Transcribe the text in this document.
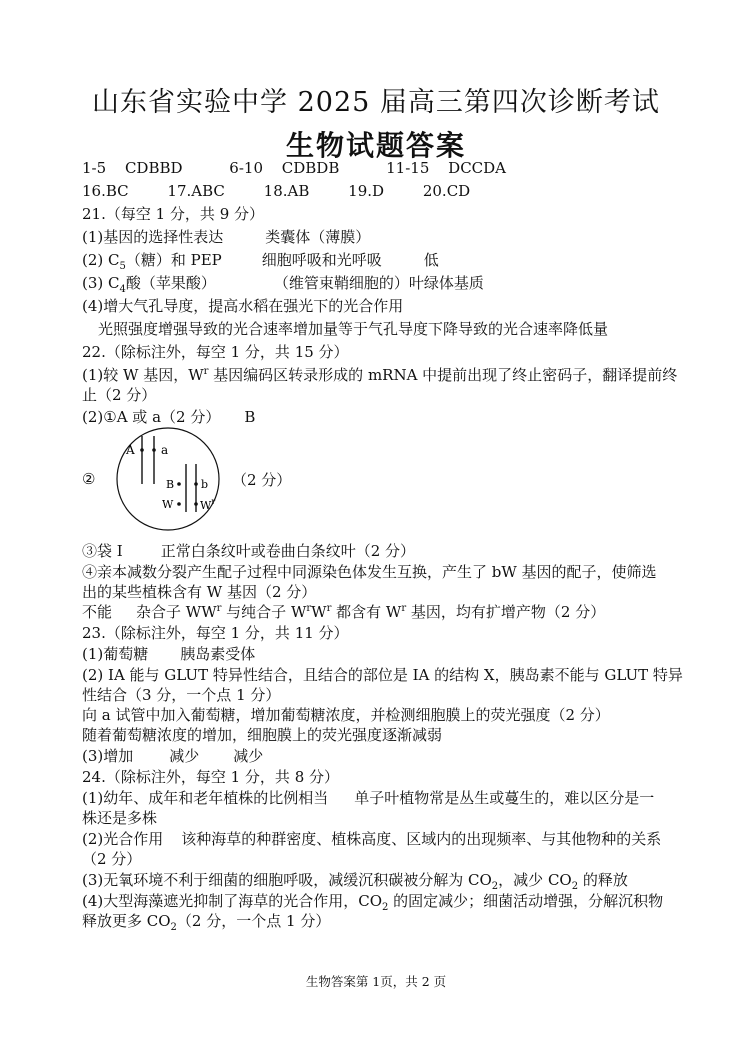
山东省实验中学 2025 届高三第四次诊断考试
生物试题答案
1-5 CDBBD	6-10 CDBDB	11-15 DCCDA
16.BC	17.ABC	18.AB	19.D	20.CD
21.（每空 1 分，共 9 分）
(1)基因的选择性表达	类囊体（薄膜）
(2) $C_5$（糖）和 PEP	细胞呼吸和光呼吸	低
(3) $C_4$酸（苹果酸）	（维管束鞘细胞的）叶绿体基质
(4)增大气孔导度，提高水稻在强光下的光合作用
光照强度增强导致的光合速率增加量等于气孔导度下降导致的光合速率降低量
22.（除标注外，每空 1 分，共 15 分）
(1)较 W 基因，$W^r$ 基因编码区转录形成的 mRNA 中提前出现了终止密码子，翻译提前终
止（2 分）
(2)①A 或 a（2 分） B
②	（2 分）
A a
B b
W $W^r$
③袋 I	正常白条纹叶或卷曲白条纹叶（2 分）
④亲本减数分裂产生配子过程中同源染色体发生互换，产生了 bW 基因的配子，使筛选
出的某些植株含有 W 基因（2 分）
不能 杂合子 $WW^r$ 与纯合子 $W^rW^r$ 都含有 $W^r$ 基因，均有扩增产物（2 分）
23.（除标注外，每空 1 分，共 11 分）
(1)葡萄糖 胰岛素受体
(2) IA 能与 GLUT 特异性结合，且结合的部位是 IA 的结构 X，胰岛素不能与 GLUT 特异
性结合（3 分，一个点 1 分）
向 a 试管中加入葡萄糖，增加葡萄糖浓度，并检测细胞膜上的荧光强度（2 分）
随着葡萄糖浓度的增加，细胞膜上的荧光强度逐渐减弱
(3)增加 减少 减少
24.（除标注外，每空 1 分，共 8 分）
(1)幼年、成年和老年植株的比例相当 单子叶植物常是丛生或蔓生的，难以区分是一
株还是多株
(2)光合作用 该种海草的种群密度、植株高度、区域内的出现频率、与其他物种的关系
（2 分）
(3)无氧环境不利于细菌的细胞呼吸，减缓沉积碳被分解为 $CO_2$，减少 $CO_2$ 的释放
(4)大型海藻遮光抑制了海草的光合作用，$CO_2$ 的固定减少；细菌活动增强，分解沉积物
释放更多 $CO_2(2$ 分，一个点 1 分）
生物答案第 1页，共 2 页
